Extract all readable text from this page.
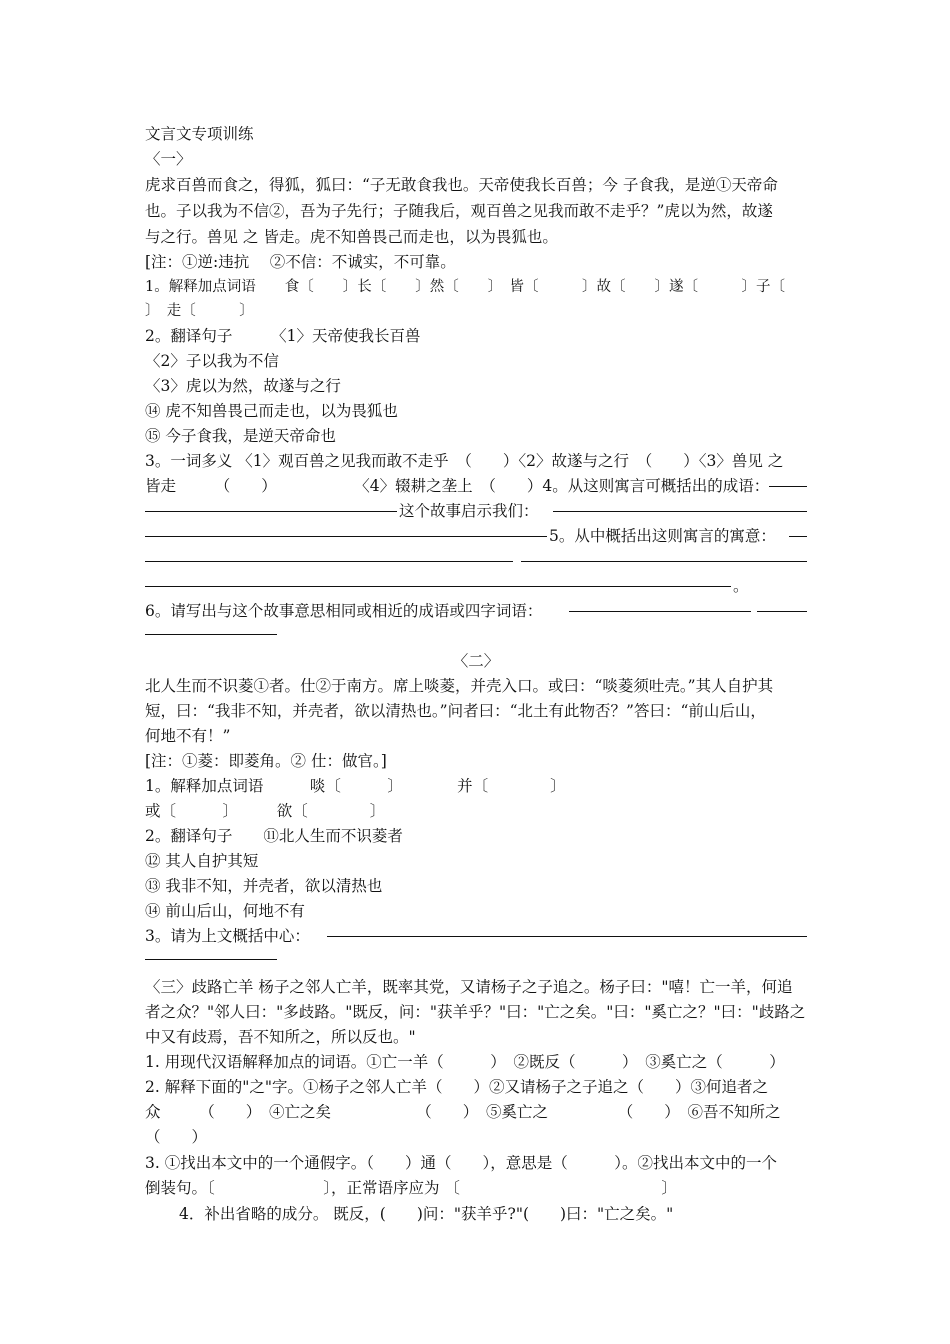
文言文专项训练
〈一〉
虎求百兽而食之，得狐，狐曰：“子无敢食我也。天帝使我长百兽；今 子食我，是逆①天帝命
也。子以我为不信②，吾为子先行；子随我后，观百兽之见我而敢不走乎？”虎以为然，故遂
与之行。兽见 之 皆走。虎不知兽畏己而走也，以为畏狐也。
[注：①逆:违抗　 ②不信：不诚实，不可靠。
1。解释加点词语　　食〔　　〕长〔　　〕然〔　　〕　皆〔　　　〕故〔　　〕遂〔　　　〕子〔
〕　走〔　　　〕
2。翻译句子　　　〈1〉天帝使我长百兽
〈2〉子以我为不信
〈3〉虎以为然，故遂与之行
⑭ 虎不知兽畏己而走也，以为畏狐也
⑮ 今子食我，是逆天帝命也
3。一词多义 〈1〉观百兽之见我而敢不走乎　（　　）〈2〉故遂与之行　（　　）〈3〉兽见 之
皆走　　　（　　）　　　　　　〈4〉辍耕之垄上　（　　）4。从这则寓言可概括出的成语：
这个故事启示我们：
5。从中概括出这则寓言的寓意：
。
6。请写出与这个故事意思相同或相近的成语或四字词语：
〈二〉
北人生而不识菱①者。仕②于南方。席上啖菱，并壳入口。或曰：“啖菱须吐壳。”其人自护其
短，曰：“我非不知，并壳者，欲以清热也。”问者曰：“北土有此物否？”答曰：“前山后山，
何地不有！”
[注：①菱：即菱角。② 仕：做官。]
1。解释加点词语　　　啖〔　　　〕　　　　并〔　　　　〕
或〔　　　〕　　　欲〔　　　　〕
2。翻译句子　　⑪北人生而不识菱者
⑫ 其人自护其短
⑬ 我非不知，并壳者，欲以清热也
⑭ 前山后山，何地不有
3。请为上文概括中心：
〈三〉歧路亡羊 杨子之邻人亡羊，既率其党，又请杨子之子追之。杨子曰："嘻！亡一羊，何追
者之众？"邻人曰："多歧路。"既反，问："获羊乎？"曰："亡之矣。"曰："奚亡之？"曰："歧路之
中又有歧焉，吾不知所之，所以反也。"
1. 用现代汉语解释加点的词语。①亡一羊（　　　）　②既反（　　　）　③奚亡之（　　　）
2. 解释下面的"之"字。①杨子之邻人亡羊（　　）②又请杨子之子追之（　　）③何追者之
众　　　（　　）　④亡之矣　　　　　　（　　）　⑤奚亡之　　　　　（　　）　⑥吾不知所之
（　　）
3. ①找出本文中的一个通假字。（　　）通（　　），意思是（　　　）。②找出本文中的一个
倒装句。〔　　　　　　　〕，正常语序应为 〔　　　　　　　　　　　　　〕
4．补出省略的成分。 既反，(　　)问："获羊乎?"(　　)曰："亡之矣。"
